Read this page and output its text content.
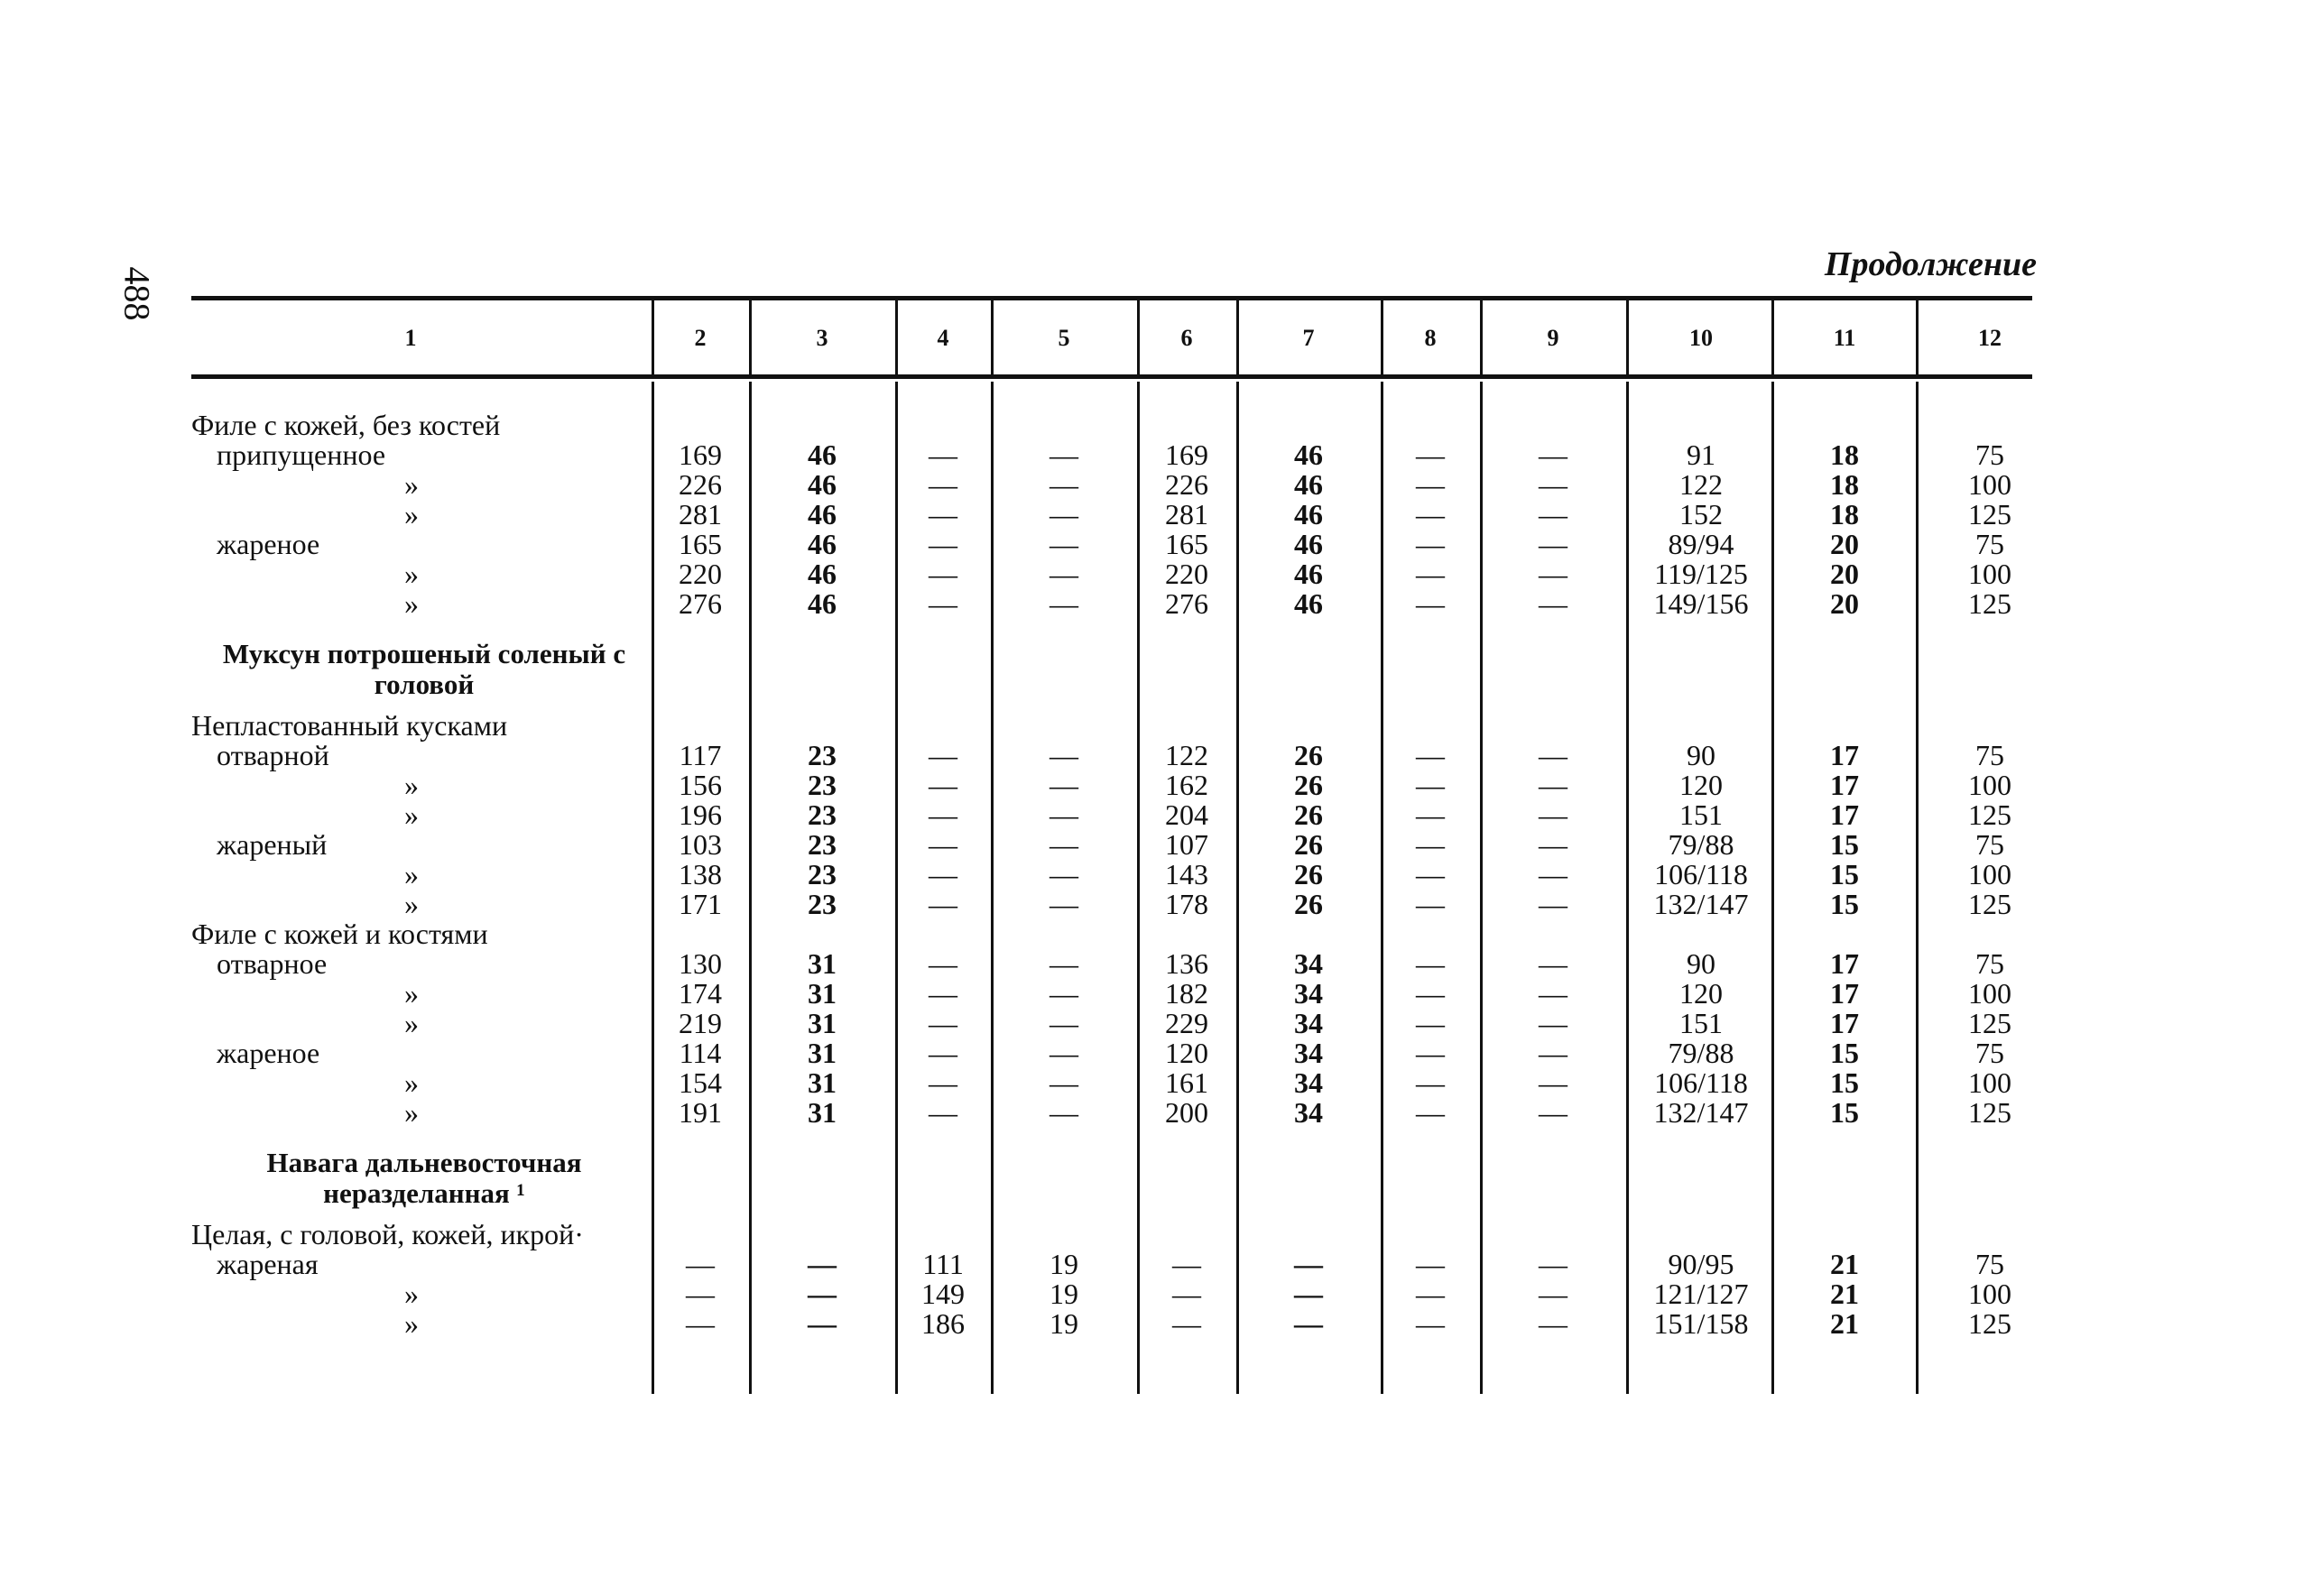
488
Продолжение
1	2	3	4	5	6	7	8	9	10	11	12
Филе с кожей, без костей
припущенное	169	46	—	—	169	46	—	—	91	18	75
»	226	46	—	—	226	46	—	—	122	18	100
»	281	46	—	—	281	46	—	—	152	18	125
жареное	165	46	—	—	165	46	—	—	89/94	20	75
»	220	46	—	—	220	46	—	—	119/125	20	100
»	276	46	—	—	276	46	—	—	149/156	20	125
Муксун потрошеный соленый с головой
Непластованный кусками
отварной	117	23	—	—	122	26	—	—	90	17	75
»	156	23	—	—	162	26	—	—	120	17	100
»	196	23	—	—	204	26	—	—	151	17	125
жареный	103	23	—	—	107	26	—	—	79/88	15	75
»	138	23	—	—	143	26	—	—	106/118	15	100
»	171	23	—	—	178	26	—	—	132/147	15	125
Филе с кожей и костями
отварное	130	31	—	—	136	34	—	—	90	17	75
»	174	31	—	—	182	34	—	—	120	17	100
»	219	31	—	—	229	34	—	—	151	17	125
жареное	114	31	—	—	120	34	—	—	79/88	15	75
»	154	31	—	—	161	34	—	—	106/118	15	100
»	191	31	—	—	200	34	—	—	132/147	15	125
Навага дальневосточная неразделанная ¹
Целая, с головой, кожей, икрой·
жареная	—	—	111	19	—	—	—	—	90/95	21	75
»	—	—	149	19	—	—	—	—	121/127	21	100
»	—	—	186	19	—	—	—	—	151/158	21	125
